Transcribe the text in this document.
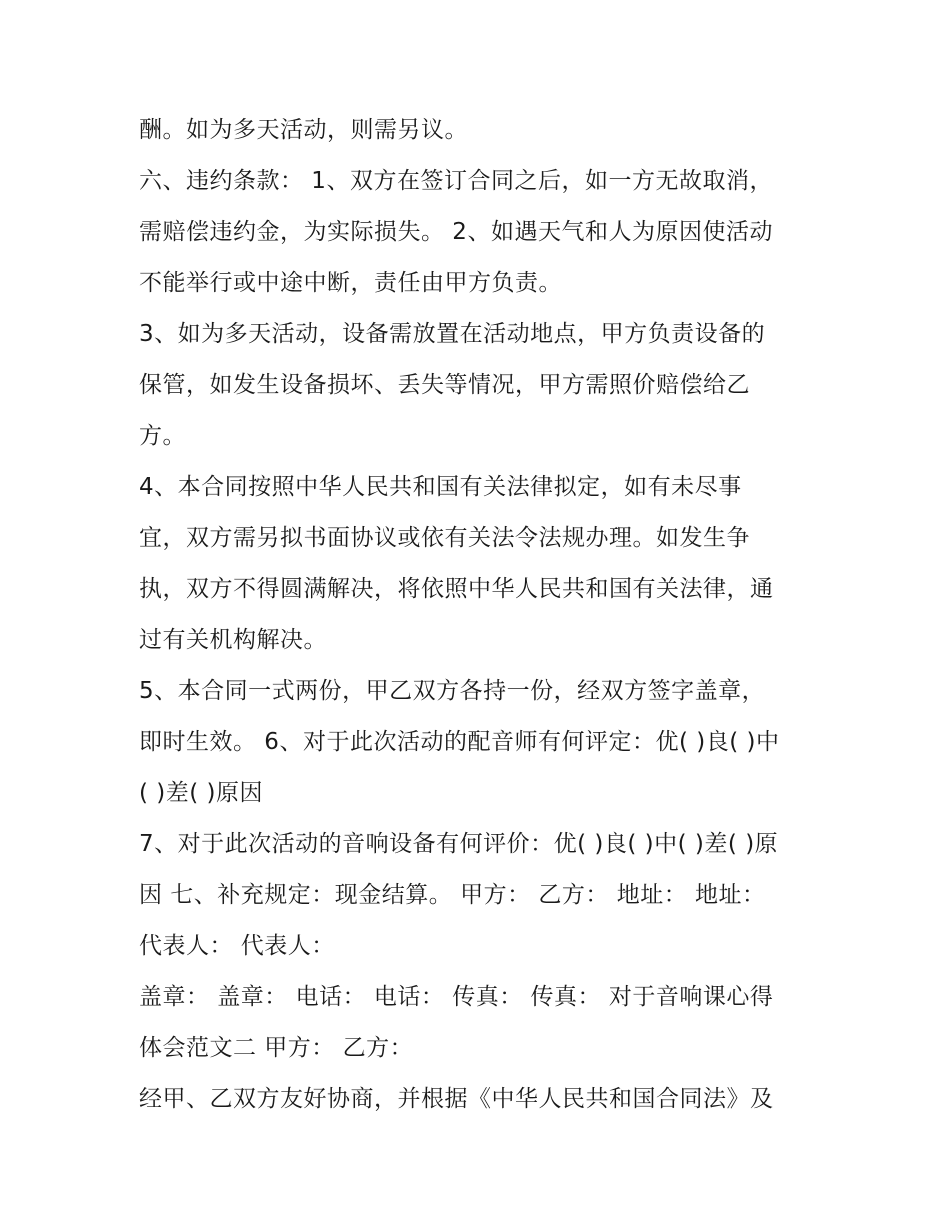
酬。如为多天活动，则需另议。
六、违约条款： 1、双方在签订合同之后，如一方无故取消，
需赔偿违约金，为实际损失。 2、如遇天气和人为原因使活动
不能举行或中途中断，责任由甲方负责。
3、如为多天活动，设备需放置在活动地点，甲方负责设备的
保管，如发生设备损坏、丢失等情况，甲方需照价赔偿给乙
方。
4、本合同按照中华人民共和国有关法律拟定，如有未尽事
宜，双方需另拟书面协议或依有关法令法规办理。如发生争
执，双方不得圆满解决，将依照中华人民共和国有关法律，通
过有关机构解决。
5、本合同一式两份，甲乙双方各持一份，经双方签字盖章，
即时生效。 6、对于此次活动的配音师有何评定：优( )良( )中
( )差( )原因
7、对于此次活动的音响设备有何评价：优( )良( )中( )差( )原
因 七、补充规定：现金结算。 甲方： 乙方： 地址： 地址：
代表人： 代表人：
盖章： 盖章： 电话： 电话： 传真： 传真： 对于音响课心得
体会范文二 甲方： 乙方：
经甲、乙双方友好协商，并根据《中华人民共和国合同法》及
